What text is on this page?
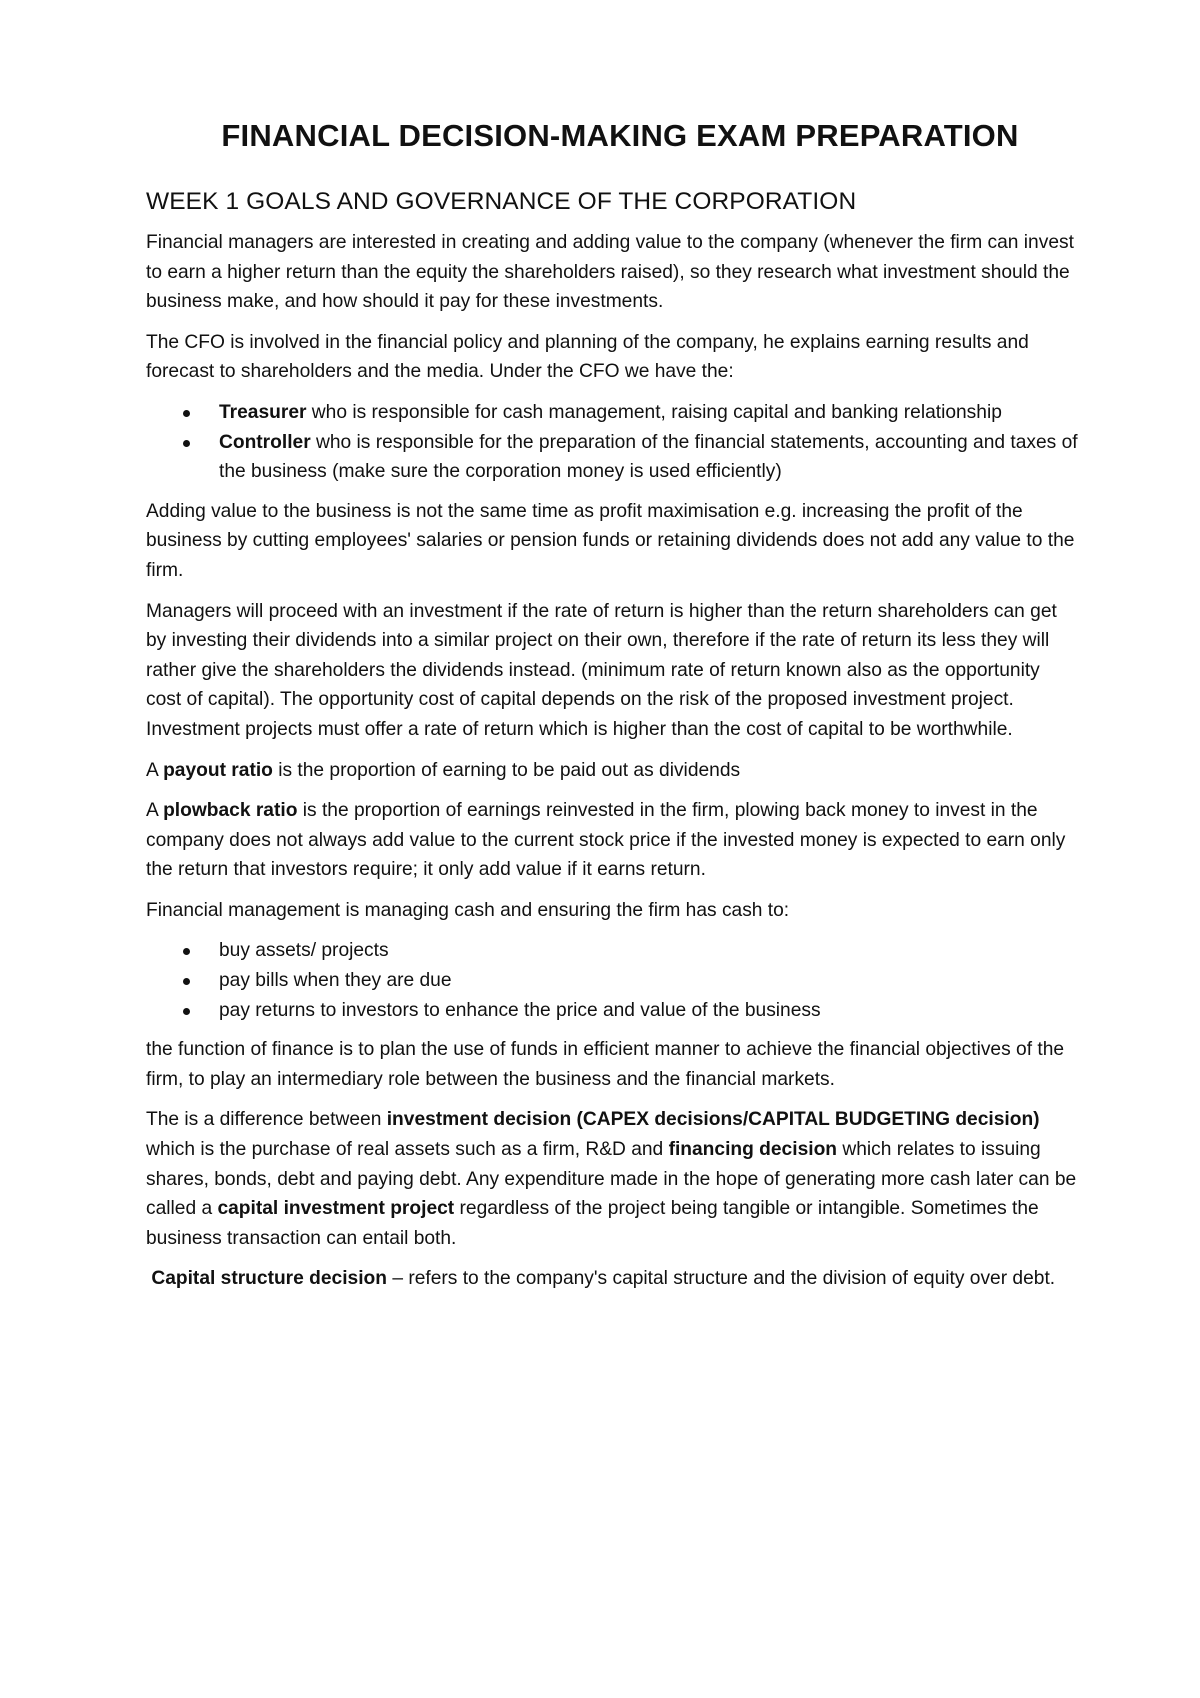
FINANCIAL DECISION-MAKING EXAM PREPARATION
WEEK 1 GOALS AND GOVERNANCE OF THE CORPORATION

Financial managers are interested in creating and adding value to the company (whenever the firm can invest to earn a higher return than the equity the shareholders raised), so they research what investment should the business make, and how should it pay for these investments.

The CFO is involved in the financial policy and planning of the company, he explains earning results and forecast to shareholders and the media. Under the CFO we have the:

Treasurer who is responsible for cash management, raising capital and banking relationship
Controller who is responsible for the preparation of the financial statements, accounting and taxes of the business (make sure the corporation money is used efficiently)

Adding value to the business is not the same time as profit maximisation e.g. increasing the profit of the business by cutting employees' salaries or pension funds or retaining dividends does not add any value to the firm.

Managers will proceed with an investment if the rate of return is higher than the return shareholders can get by investing their dividends into a similar project on their own, therefore if the rate of return its less they will rather give the shareholders the dividends instead. (minimum rate of return known also as the opportunity cost of capital). The opportunity cost of capital depends on the risk of the proposed investment project. Investment projects must offer a rate of return which is higher than the cost of capital to be worthwhile.

A payout ratio is the proportion of earning to be paid out as dividends

A plowback ratio is the proportion of earnings reinvested in the firm, plowing back money to invest in the company does not always add value to the current stock price if the invested money is expected to earn only the return that investors require; it only add value if it earns return.

Financial management is managing cash and ensuring the firm has cash to:

buy assets/ projects
pay bills when they are due
pay returns to investors to enhance the price and value of the business

the function of finance is to plan the use of funds in efficient manner to achieve the financial objectives of the firm, to play an intermediary role between the business and the financial markets.

The is a difference between investment decision (CAPEX decisions/CAPITAL BUDGETING decision) which is the purchase of real assets such as a firm, R&D and financing decision which relates to issuing shares, bonds, debt and paying debt. Any expenditure made in the hope of generating more cash later can be called a capital investment project regardless of the project being tangible or intangible. Sometimes the business transaction can entail both.

Capital structure decision – refers to the company's capital structure and the division of equity over debt.
